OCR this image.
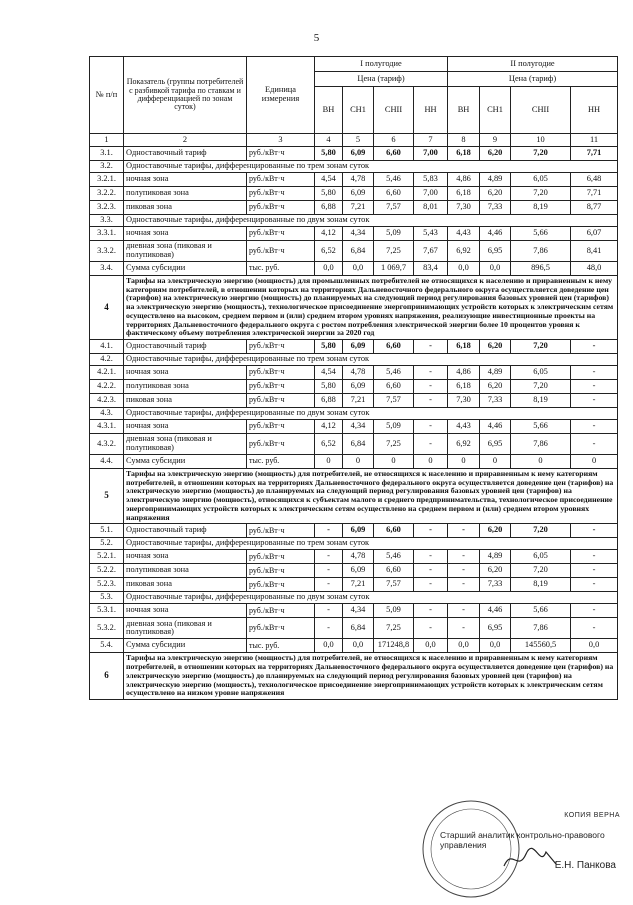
5
№ п/п	Показатель (группы потребителей с разбивкой тарифа по ставкам и дифференциацией по зонам суток)	Единица измерения	I полугодие				II полугодие			
			Цена (тариф)				Цена (тариф)			
			ВН	СН1	СНII	НН	ВН	СН1	СНII	НН
1	2	3	4	5	6	7	8	9	10	11
3.1.	Одноставочный тариф	руб./кВт·ч	5,80	6,09	6,60	7,00	6,18	6,20	7,20	7,71
3.2.	Одноставочные тарифы, дифференцированные по трем зонам суток									
3.2.1.	ночная зона	руб./кВт·ч	4,54	4,78	5,46	5,83	4,86	4,89	6,05	6,48
3.2.2.	полупиковая зона	руб./кВт·ч	5,80	6,09	6,60	7,00	6,18	6,20	7,20	7,71
3.2.3.	пиковая зона	руб./кВт·ч	6,88	7,21	7,57	8,01	7,30	7,33	8,19	8,77
3.3.	Одноставочные тарифы, дифференцированные по двум зонам суток									
3.3.1.	ночная зона	руб./кВт·ч	4,12	4,34	5,09	5,43	4,43	4,46	5,66	6,07
3.3.2.	дневная зона (пиковая и полупиковая)	руб./кВт·ч	6,52	6,84	7,25	7,67	6,92	6,95	7,86	8,41
3.4.	Сумма субсидии	тыс. руб.	0,0	0,0	1 069,7	83,4	0,0	0,0	896,5	48,0
4	Тарифы на электрическую энергию (мощность) для промышленных потребителей не относящихся к населению и приравненным к нему категориям потребителей, в отношении которых на территориях Дальневосточного федерального округа осуществляется доведение цен (тарифов) на электрическую энергию (мощность) до планируемых на следующий период регулирования базовых уровней цен (тарифов) на электрическую энергию (мощность), технологическое присоединение энергопринимающих устройств которых к электрическим сетям осуществлено на высоком, среднем первом и (или) среднем втором уровнях напряжения, реализующие инвестиционные проекты на территориях Дальневосточного федерального округа с ростом потребления электрической энергии более 10 процентов уровня к фактическому объему потребления электрической энергии за 2020 год									
4.1.	Одноставочный тариф	руб./кВт·ч	5,80	6,09	6,60	-	6,18	6,20	7,20	-
4.2.	Одноставочные тарифы, дифференцированные по трем зонам суток									
4.2.1.	ночная зона	руб./кВт·ч	4,54	4,78	5,46	-	4,86	4,89	6,05	-
4.2.2.	полупиковая зона	руб./кВт·ч	5,80	6,09	6,60	-	6,18	6,20	7,20	-
4.2.3.	пиковая зона	руб./кВт·ч	6,88	7,21	7,57	-	7,30	7,33	8,19	-
4.3.	Одноставочные тарифы, дифференцированные по двум зонам суток									
4.3.1.	ночная зона	руб./кВт·ч	4,12	4,34	5,09	-	4,43	4,46	5,66	-
4.3.2.	дневная зона (пиковая и полупиковая)	руб./кВт·ч	6,52	6,84	7,25	-	6,92	6,95	7,86	-
4.4.	Сумма субсидии	тыс. руб.	0	0	0	0	0	0	0	0
5	Тарифы на электрическую энергию (мощность) для потребителей, не относящихся к населению и приравненным к нему категориям потребителей, в отношении которых на территориях Дальневосточного федерального округа осуществляется доведение цен (тарифов) на электрическую энергию (мощность) до планируемых на следующий период регулирования базовых уровней цен (тарифов) на электрическую энергию (мощность), относящихся к субъектам малого и среднего предпринимательства, технологическое присоединение энергопринимающих устройств которых к электрическим сетям осуществлено на среднем первом и (или) среднем втором уровнях напряжения									
5.1.	Одноставочный тариф	руб./кВт·ч	-	6,09	6,60	-	-	6,20	7,20	-
5.2.	Одноставочные тарифы, дифференцированные по трем зонам суток									
5.2.1.	ночная зона	руб./кВт·ч	-	4,78	5,46	-	-	4,89	6,05	-
5.2.2.	полупиковая зона	руб./кВт·ч	-	6,09	6,60	-	-	6,20	7,20	-
5.2.3.	пиковая зона	руб./кВт·ч	-	7,21	7,57	-	-	7,33	8,19	-
5.3.	Одноставочные тарифы, дифференцированные по двум зонам суток									
5.3.1.	ночная зона	руб./кВт·ч	-	4,34	5,09	-	-	4,46	5,66	-
5.3.2.	дневная зона (пиковая и полупиковая)	руб./кВт·ч	-	6,84	7,25	-	-	6,95	7,86	-
5.4.	Сумма субсидии	тыс. руб.	0,0	0,0	171248,8	0,0	0,0	0,0	145560,5	0,0
6	Тарифы на электрическую энергию (мощность) для потребителей, не относящихся к населению и приравненным к нему категориям потребителей, в отношении которых на территориях Дальневосточного федерального округа осуществляется доведение цен (тарифов) на электрическую энергию (мощность) до планируемых на следующий период регулирования базовых уровней цен (тарифов) на электрическую энергию (мощность), технологическое присоединение энергопринимающих устройств которых к электрическим сетям осуществлено на низком уровне напряжения									
КОПИЯ ВЕРНА
Старший аналитик контрольно-правового управления
Е.Н. Панкова
